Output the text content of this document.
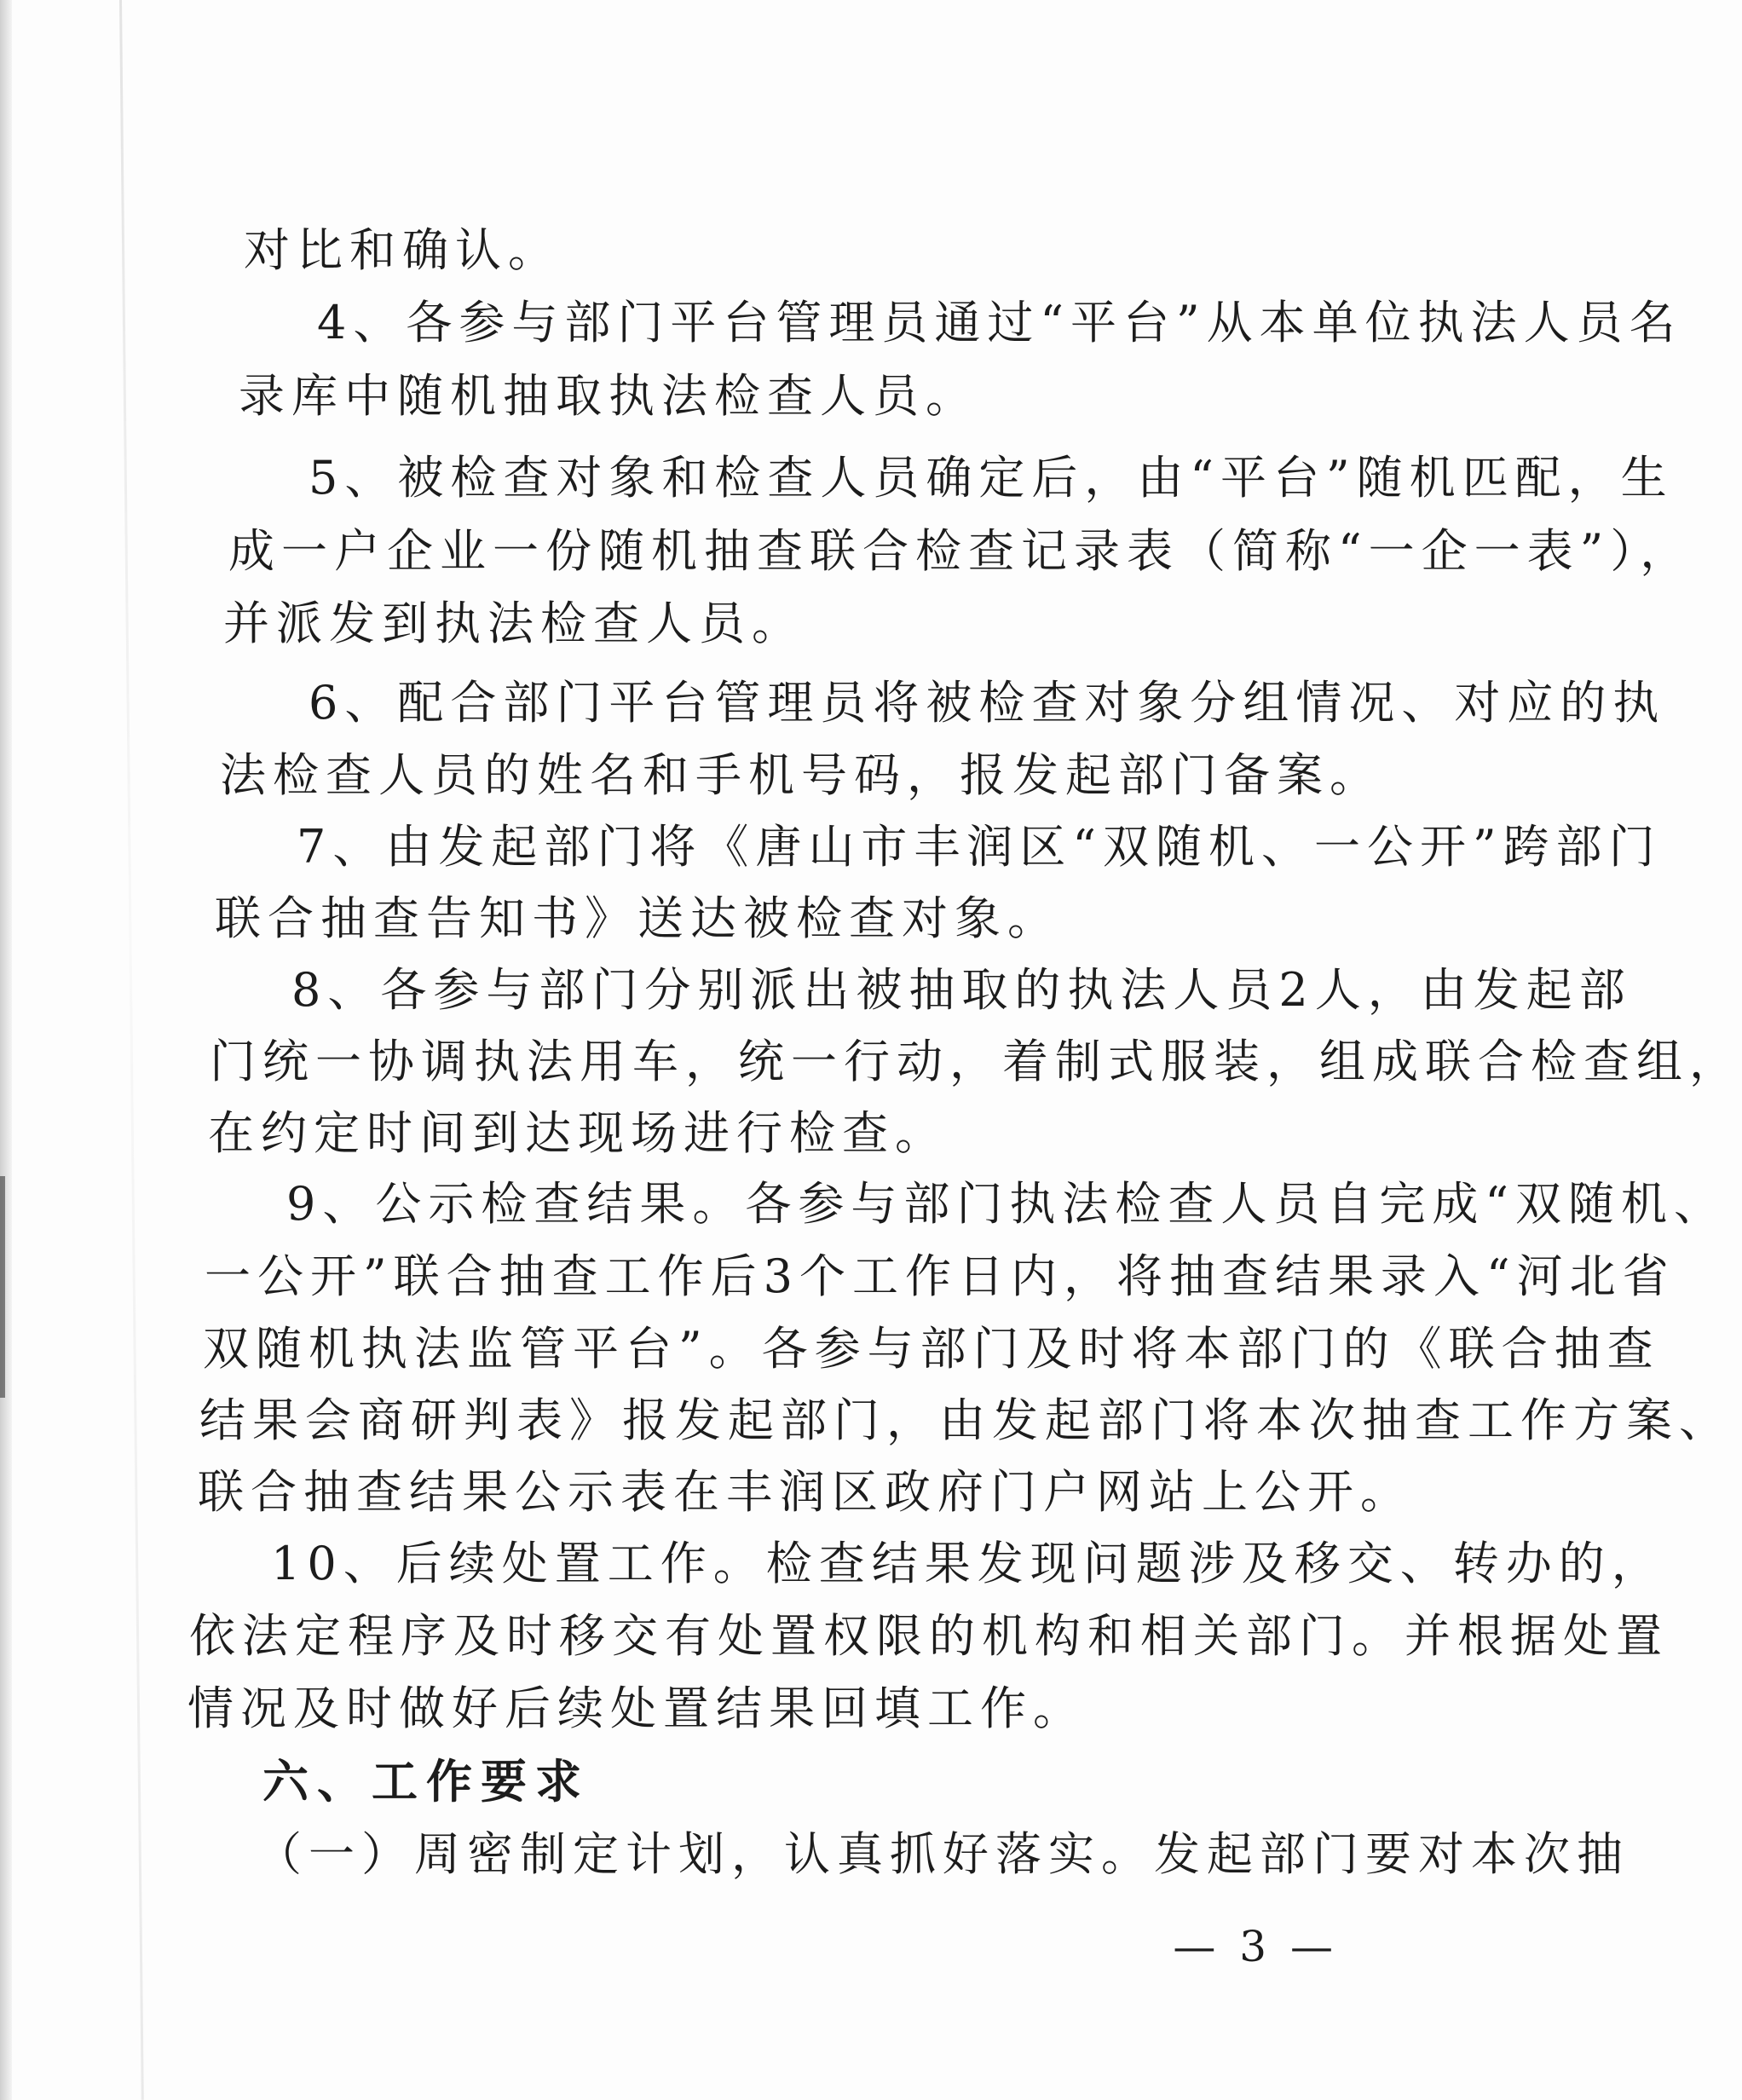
对比和确认。
4、各参与部门平台管理员通过“平台”从本单位执法人员名
录库中随机抽取执法检查人员。
5、被检查对象和检查人员确定后，由“平台”随机匹配，生
成一户企业一份随机抽查联合检查记录表（简称“一企一表”），
并派发到执法检查人员。
6、配合部门平台管理员将被检查对象分组情况、对应的执
法检查人员的姓名和手机号码，报发起部门备案。
7、由发起部门将《唐山市丰润区“双随机、一公开”跨部门
联合抽查告知书》送达被检查对象。
8、各参与部门分别派出被抽取的执法人员2人，由发起部
门统一协调执法用车，统一行动，着制式服装，组成联合检查组，
在约定时间到达现场进行检查。
9、公示检查结果。各参与部门执法检查人员自完成“双随机、
一公开”联合抽查工作后3个工作日内，将抽查结果录入“河北省
双随机执法监管平台”。各参与部门及时将本部门的《联合抽查
结果会商研判表》报发起部门，由发起部门将本次抽查工作方案、
联合抽查结果公示表在丰润区政府门户网站上公开。
10、后续处置工作。检查结果发现问题涉及移交、转办的，
依法定程序及时移交有处置权限的机构和相关部门。并根据处置
情况及时做好后续处置结果回填工作。
六、工作要求
（一）周密制定计划，认真抓好落实。发起部门要对本次抽
— 3 —
